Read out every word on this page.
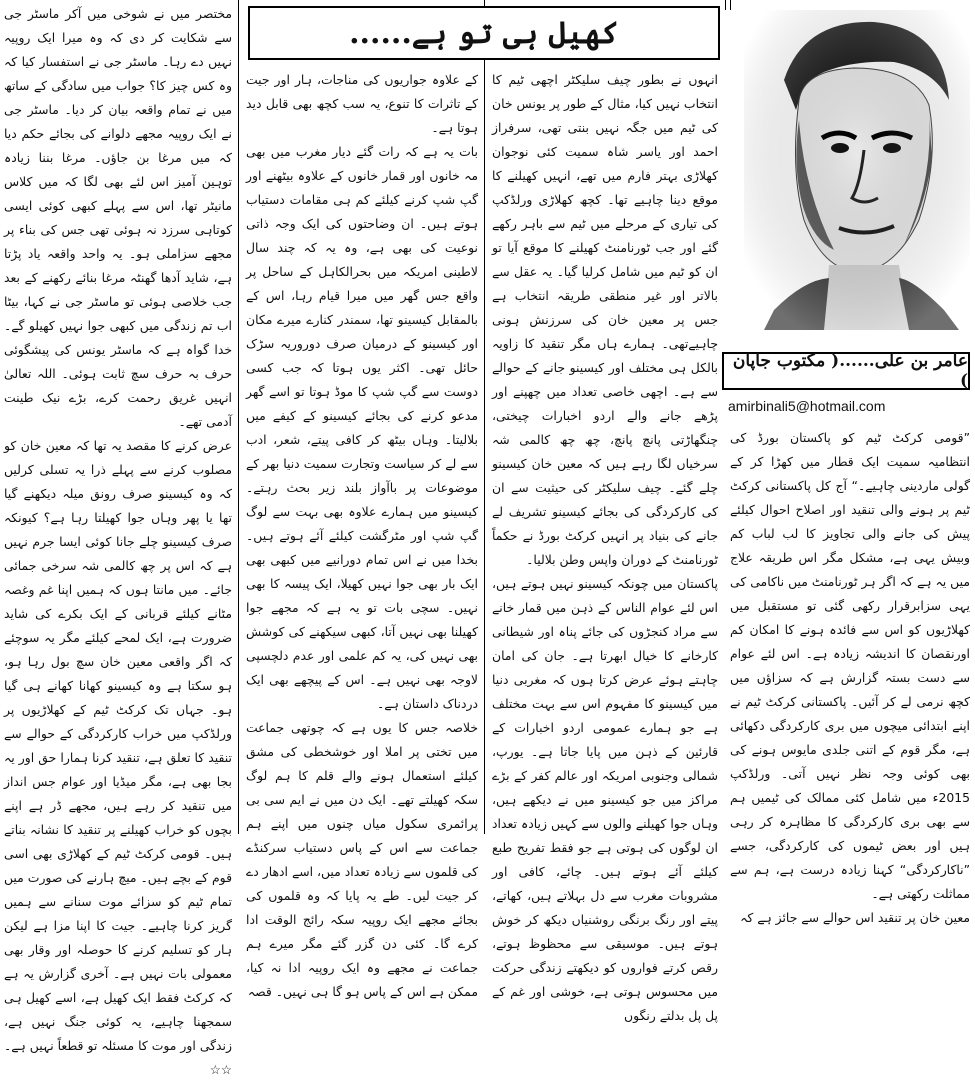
مختصر میں نے شوخی میں آکر ماسٹر جی سے شکایت کر دی کہ وہ میرا ایک روپیہ نہیں دے رہا۔ ماسٹر جی نے استفسار کیا کہ وہ کس چیز کا؟ جواب میں سادگی کے ساتھ میں نے تمام واقعہ بیان کر دیا۔ ماسٹر جی نے ایک روپیہ مجھے دلوانے کی بجائے حکم دیا کہ میں مرغا بن جاؤں۔ مرغا بننا زیادہ توہین آمیز اس لئے بھی لگا کہ میں کلاس مانیٹر تھا، اس سے پہلے کبھی کوئی ایسی کوتاہی سرزد نہ ہوئی تھی جس کی بناء پر مجھے سزاملی ہو۔ یہ واحد واقعہ یاد پڑتا ہے، شاید آدھا گھنٹہ مرغا بنائے رکھنے کے بعد جب خلاصی ہوئی تو ماسٹر جی نے کہا، بیٹا اب تم زندگی میں کبھی جوا نہیں کھیلو گے۔ خدا گواہ ہے کہ ماسٹر یونس کی پیشگوئی حرف بہ حرف سچ ثابت ہوئی۔ اللہ تعالیٰ انہیں غریق رحمت کرے، بڑے نیک طینت آدمی تھے۔

عرض کرنے کا مقصد یہ تھا کہ معین خان کو مصلوب کرنے سے پہلے ذرا یہ تسلی کرلیں کہ وہ کیسینو صرف رونق میلہ دیکھنے گیا تھا یا پھر وہاں جوا کھیلتا رہا ہے؟ کیونکہ صرف کیسینو چلے جانا کوئی ایسا جرم نہیں ہے کہ اس پر چھ کالمی شہ سرخی جمائی جائے۔ میں مانتا ہوں کہ ہمیں اپنا غم وغصہ مٹانے کیلئے قربانی کے ایک بکرے کی شاید ضرورت ہے، ایک لمحے کیلئے مگر یہ سوچئے کہ اگر واقعی معین خان سچ بول رہا ہو، ہو سکتا ہے وہ کیسینو کھانا کھانے ہی گیا ہو۔ جہاں تک کرکٹ ٹیم کے کھلاڑیوں پر ورلڈکپ میں خراب کارکردگی کے حوالے سے تنقید کا تعلق ہے، تنقید کرنا ہمارا حق اور یہ بجا بھی ہے، مگر میڈیا اور عوام جس انداز میں تنقید کر رہے ہیں، مجھے ڈر ہے اپنے بچوں کو خراب کھیلنے پر تنقید کا نشانہ بناتے ہیں۔ قومی کرکٹ ٹیم کے کھلاڑی بھی اسی قوم کے بچے ہیں۔ میچ ہارنے کی صورت میں تمام ٹیم کو سزائے موت سنانے سے ہمیں گریز کرنا چاہیے۔ جیت کا اپنا مزا ہے لیکن ہار کو تسلیم کرنے کا حوصلہ اور وقار بھی معمولی بات نہیں ہے۔ آخری گزارش یہ ہے کہ کرکٹ فقط ایک کھیل ہے، اسے کھیل ہی سمجھنا چاہیے، یہ کوئی جنگ نہیں ہے، زندگی اور موت کا مسئلہ تو قطعاً نہیں ہے۔☆☆

کھیل ہی تو ہے......

کے علاوہ جواریوں کی مناجات، ہار اور جیت کے تاثرات کا تنوع، یہ سب کچھ بھی قابل دید ہوتا ہے۔

بات یہ ہے کہ رات گئے دیار مغرب میں بھی مہ خانوں اور قمار خانوں کے علاوہ بیٹھنے اور گپ شپ کرنے کیلئے کم ہی مقامات دستیاب ہوتے ہیں۔ ان وضاحتوں کی ایک وجہ ذاتی نوعیت کی بھی ہے، وہ یہ کہ چند سال لاطینی امریکہ میں بحرالکاہل کے ساحل پر واقع جس گھر میں میرا قیام رہا، اس کے بالمقابل کیسینو تھا، سمندر کنارے میرے مکان اور کیسینو کے درمیان صرف دوروریہ سڑک حائل تھی۔ اکثر یوں ہوتا کہ جب کسی دوست سے گپ شپ کا موڈ ہوتا تو اسے گھر مدعو کرنے کی بجائے کیسینو کے کیفے میں بلالیتا۔ وہاں بیٹھ کر کافی پیتے، شعر، ادب سے لے کر سیاست وتجارت سمیت دنیا بھر کے موضوعات پر باآواز بلند زیر بحث رہتے۔ کیسینو میں ہمارے علاوہ بھی بہت سے لوگ گپ شپ اور مٹرگشت کیلئے آئے ہوتے ہیں۔ بخدا میں نے اس تمام دورانیے میں کبھی بھی ایک بار بھی جوا نہیں کھیلا، ایک پیسہ کا بھی نہیں۔ سچی بات تو یہ ہے کہ مجھے جوا کھیلنا بھی نہیں آتا، کبھی سیکھنے کی کوشش بھی نہیں کی، یہ کم علمی اور عدم دلچسپی لاوجہ بھی نہیں ہے۔ اس کے پیچھے بھی ایک دردناک داستان ہے۔

خلاصہ جس کا یوں ہے کہ چوتھی جماعت میں تختی پر املا اور خوشخطی کی مشق کیلئے استعمال ہونے والے قلم کا ہم لوگ سکہ کھیلتے تھے۔ ایک دن میں نے ایم سی بی پرائمری سکول میاں چنوں میں اپنے ہم جماعت سے اس کے پاس دستیاب سرکنڈے کی قلموں سے زیادہ تعداد میں، اسے ادھار دے کر جیت لیں۔ طے یہ پایا کہ وہ قلموں کی بجائے مجھے ایک روپیہ سکہ رائج الوقت ادا کرے گا۔ کئی دن گزر گئے مگر میرے ہم جماعت نے مجھے وہ ایک روپیہ ادا نہ کیا، ممکن ہے اس کے پاس ہو گا ہی نہیں۔ قصہ

انہوں نے بطور چیف سلیکٹر اچھی ٹیم کا انتخاب نہیں کیا، مثال کے طور پر یونس خان کی ٹیم میں جگہ نہیں بنتی تھی، سرفراز احمد اور یاسر شاہ سمیت کئی نوجوان کھلاڑی بہتر فارم میں تھے، انہیں کھیلنے کا موقع دینا چاہیے تھا۔ کچھ کھلاڑی ورلڈکپ کی تیاری کے مرحلے میں ٹیم سے باہر رکھے گئے اور جب ٹورنامنٹ کھیلنے کا موقع آیا تو ان کو ٹیم میں شامل کرلیا گیا۔ یہ عقل سے بالاتر اور غیر منطقی طریقہ انتخاب ہے جس پر معین خان کی سرزنش ہونی چاہیےتھی۔ ہمارے ہاں مگر تنقید کا زاویہ بالکل ہی مختلف اور کیسینو جانے کے حوالے سے ہے۔ اچھی خاصی تعداد میں چھپنے اور پڑھے جانے والے اردو اخبارات چیختی، چنگھاڑتی پانچ پانچ، چھ چھ کالمی شہ سرخیاں لگا رہے ہیں کہ معین خان کیسینو چلے گئے۔ چیف سلیکٹر کی حیثیت سے ان کی کارکردگی کی بجائے کیسینو تشریف لے جانے کی بنیاد پر انہیں کرکٹ بورڈ نے حکماً ٹورنامنٹ کے دوران واپس وطن بلالیا۔

پاکستان میں چونکہ کیسینو نہیں ہوتے ہیں، اس لئے عوام الناس کے ذہن میں قمار خانے سے مراد کنجڑوں کی جائے پناہ اور شیطانی کارخانے کا خیال ابھرتا ہے۔ جان کی امان چاہتے ہوئے عرض کرتا ہوں کہ مغربی دنیا میں کیسینو کا مفہوم اس سے بہت مختلف ہے جو ہمارے عمومی اردو اخبارات کے قارئین کے ذہن میں پایا جاتا ہے۔ یورپ، شمالی وجنوبی امریکہ اور عالم کفر کے بڑے مراکز میں جو کیسینو میں نے دیکھے ہیں، وہاں جوا کھیلنے والوں سے کہیں زیادہ تعداد ان لوگوں کی ہوتی ہے جو فقط تفریح طبع کیلئے آئے ہوتے ہیں۔ چائے، کافی اور مشروبات مغرب سے دل بہلاتے ہیں، کھاتے، پیتے اور رنگ برنگی روشنیاں دیکھ کر خوش ہوتے ہیں۔ موسیقی سے محظوظ ہوتے، رقص کرتے فواروں کو دیکھتے زندگی حرکت میں محسوس ہوتی ہے، خوشی اور غم کے پل پل بدلتے رنگوں

عامر بن علی......( مکتوب جاپان )
amirbinali5@hotmail.com

”قومی کرکٹ ٹیم کو پاکستان بورڈ کی انتظامیہ سمیت ایک قطار میں کھڑا کر کے گولی ماردینی چاہیے۔“ آج کل پاکستانی کرکٹ ٹیم پر ہونے والی تنقید اور اصلاح احوال کیلئے پیش کی جانے والی تجاویز کا لب لباب کم وبیش یہی ہے، مشکل مگر اس طریقہ علاج میں یہ ہے کہ اگر ہر ٹورنامنٹ میں ناکامی کی یہی سزابرقرار رکھی گئی تو مستقبل میں کھلاڑیوں کو اس سے فائدہ ہونے کا امکان کم اورنقصان کا اندیشہ زیادہ ہے۔ اس لئے عوام سے دست بستہ گزارش ہے کہ سزاؤں میں کچھ نرمی لے کر آئیں۔ پاکستانی کرکٹ ٹیم نے اپنے ابتدائی میچوں میں بری کارکردگی دکھائی ہے، مگر قوم کے اتنی جلدی مایوس ہونے کی بھی کوئی وجہ نظر نہیں آتی۔ ورلڈکپ 2015ء میں شامل کئی ممالک کی ٹیمیں ہم سے بھی بری کارکردگی کا مظاہرہ کر رہی ہیں اور بعض ٹیموں کی کارکردگی، جسے ”ناکارکردگی“ کہنا زیادہ درست ہے، ہم سے مماثلت رکھتی ہے۔

معین خان پر تنقید اس حوالے سے جائز ہے کہ
